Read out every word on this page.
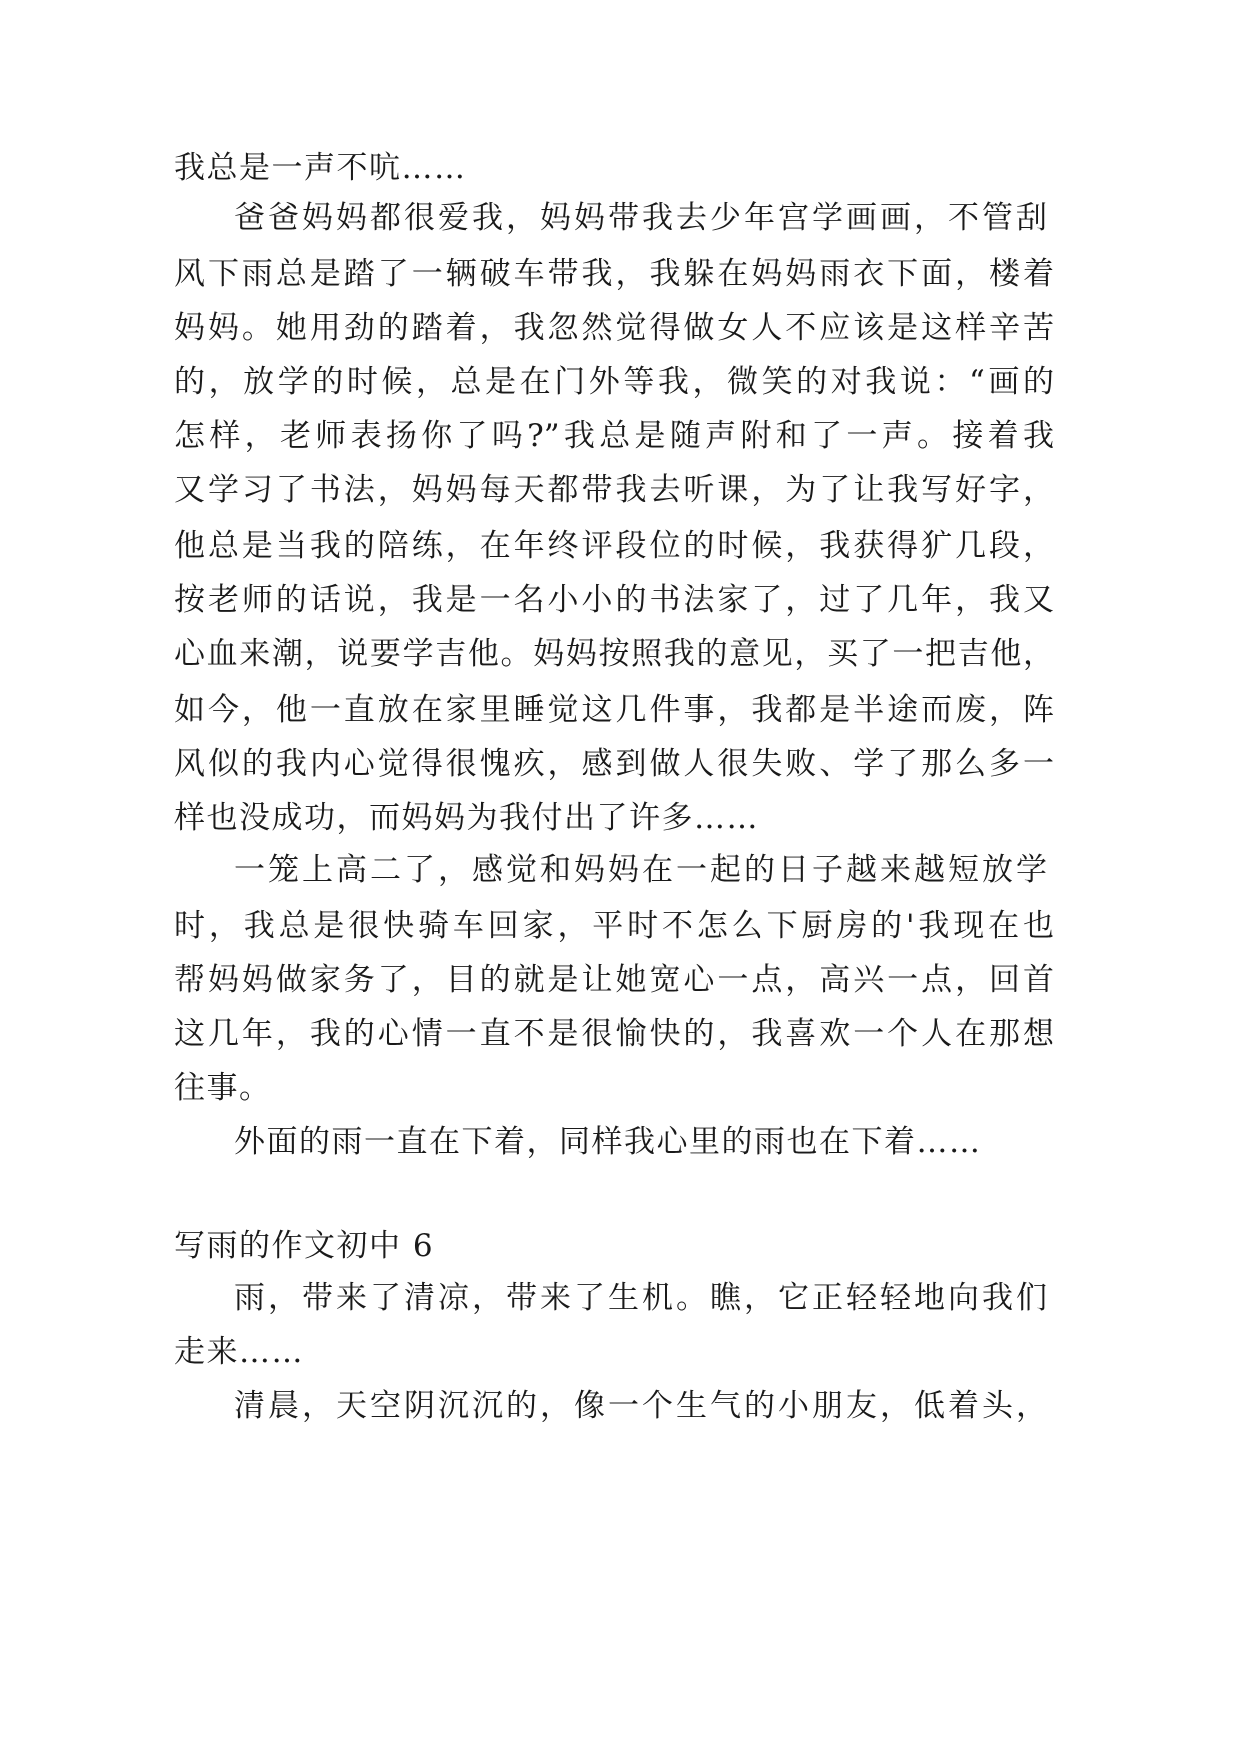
我总是一声不吭……
爸爸妈妈都很爱我，妈妈带我去少年宫学画画，不管刮
风下雨总是踏了一辆破车带我，我躲在妈妈雨衣下面，楼着
妈妈。她用劲的踏着，我忽然觉得做女人不应该是这样辛苦
的，放学的时候，总是在门外等我，微笑的对我说：“画的
怎样，老师表扬你了吗?”我总是随声附和了一声。接着我
又学习了书法，妈妈每天都带我去听课，为了让我写好字，
他总是当我的陪练，在年终评段位的时候，我获得犷几段，
按老师的话说，我是一名小小的书法家了，过了几年，我又
心血来潮，说要学吉他。妈妈按照我的意见，买了一把吉他，
如今，他一直放在家里睡觉这几件事，我都是半途而废，阵
风似的我内心觉得很愧疚，感到做人很失败、学了那么多一
样也没成功，而妈妈为我付出了许多……
一笼上高二了，感觉和妈妈在一起的日子越来越短放学
时，我总是很快骑车回家，平时不怎么下厨房的'我现在也
帮妈妈做家务了，目的就是让她宽心一点，高兴一点，回首
这几年，我的心情一直不是很愉快的，我喜欢一个人在那想
往事。
外面的雨一直在下着，同样我心里的雨也在下着……
写雨的作文初中 6
雨，带来了清凉，带来了生机。瞧，它正轻轻地向我们
走来……
清晨，天空阴沉沉的，像一个生气的小朋友，低着头，
